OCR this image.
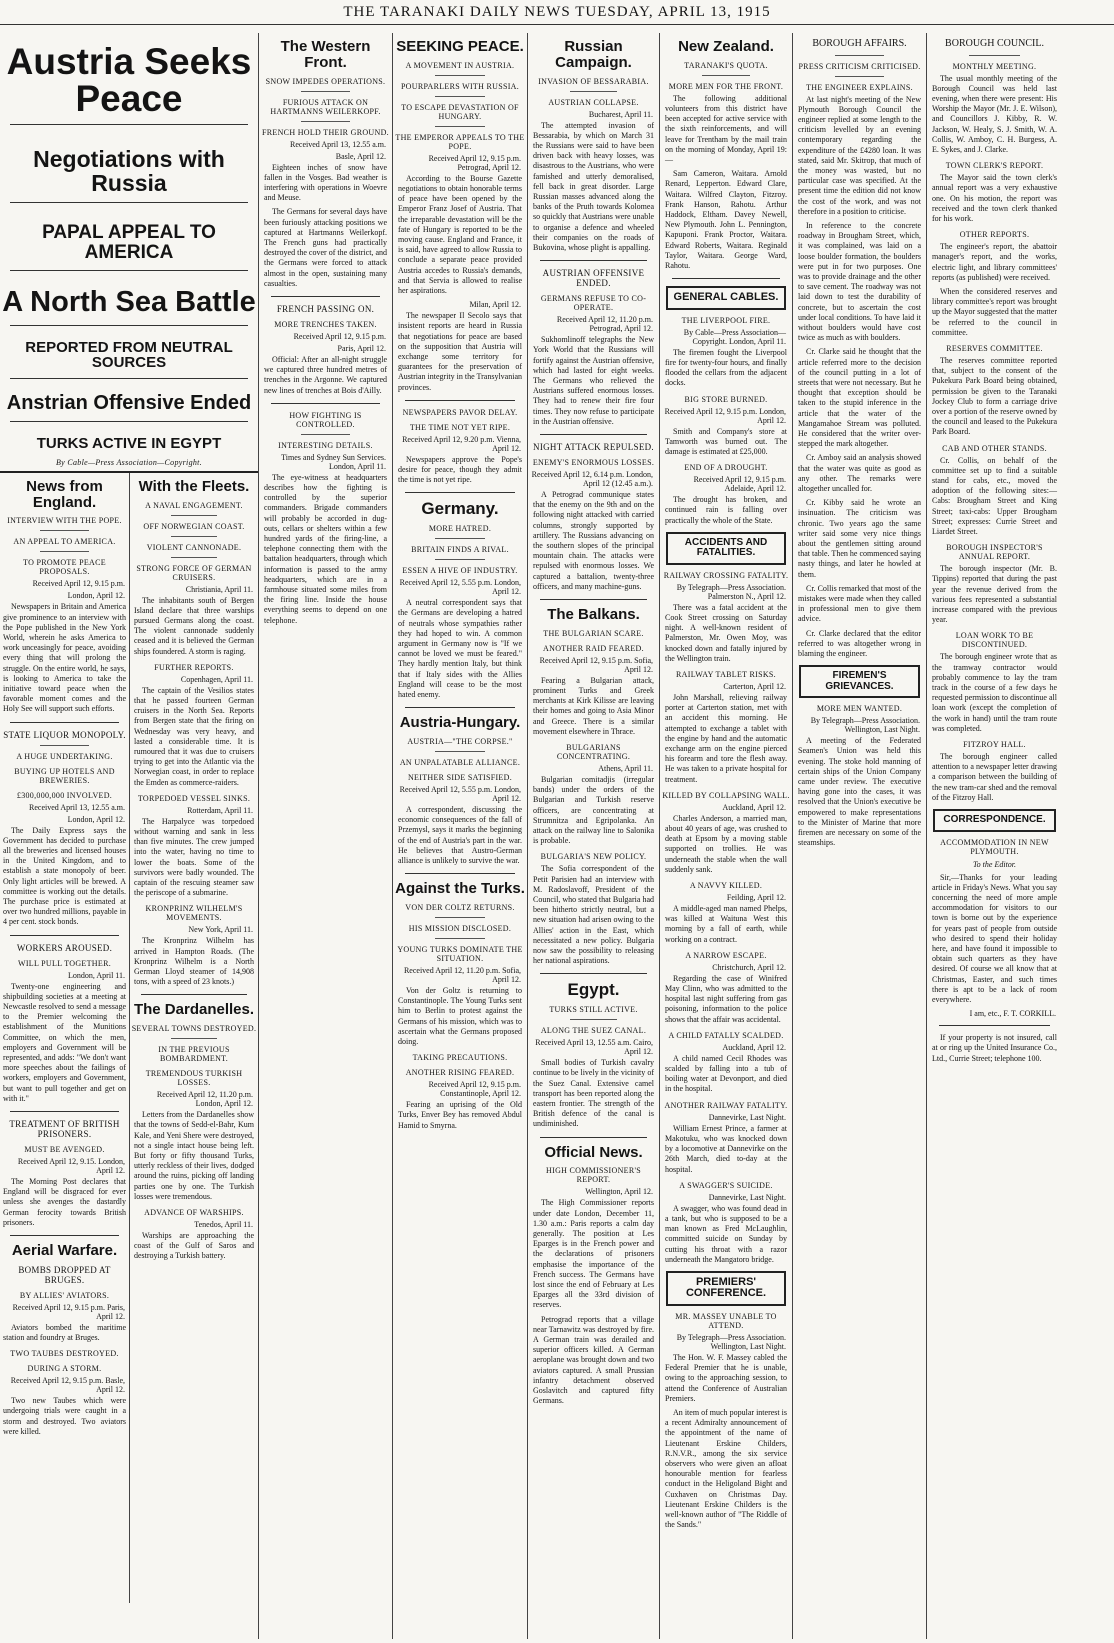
THE TARANAKI DAILY NEWS TUESDAY, APRIL 13, 1915
Austria Seeks Peace
Negotiations with Russia
PAPAL APPEAL TO AMERICA
A North Sea Battle
REPORTED FROM NEUTRAL SOURCES
Anstrian Offensive Ended
TURKS ACTIVE IN EGYPT
By Cable—Press Association—Copyright.
News from England.
INTERVIEW WITH THE POPE.
AN APPEAL TO AMERICA.
TO PROMOTE PEACE PROPOSALS.
Received April 12, 9.15 p.m.
London, April 12.

Newspapers in Britain and America give prominence to an interview with the Pope published in the New York World, wherein he asks America to work unceasingly for peace, avoiding every thing that will prolong the struggle. On the entire world, he says, is looking to America to take the initiative toward peace when the favorable moment comes and the Holy See will support such efforts.

STATE LIQUOR MONOPOLY.
A HUGE UNDERTAKING.
BUYING UP HOTELS AND BREWERIES.
£300,000,000 INVOLVED.
Received April 13, 12.55 a.m.
London, April 12.

The Daily Express says the Government has decided to purchase all the breweries and licensed houses in the United Kingdom, and to establish a state monopoly of beer. Only light articles will be brewed. A committee is working out the details. The purchase price is estimated at over two hundred millions, payable in 4 per cent. stock bonds.

WORKERS AROUSED.
WILL PULL TOGETHER.
London, April 11.

Twenty-one engineering and shipbuilding societies at a meeting at Newcastle resolved to send a message to the Premier welcoming the establishment of the Munitions Committee, on which the men, employers and Government will be represented, and adds: "We don't want more speeches about the failings of workers, employers and Government, but want to pull together and get on with it."

TREATMENT OF BRITISH PRISONERS.
MUST BE AVENGED.
Received April 12, 9.15. London, April 12.

The Morning Post declares that England will be disgraced for ever unless she avenges the dastardly German ferocity towards British prisoners.

Aerial Warfare.
BOMBS DROPPED AT BRUGES.
BY ALLIES' AVIATORS.
Received April 12, 9.15 p.m. Paris, April 12.

Aviators bombed the maritime station and foundry at Bruges.

TWO TAUBES DESTROYED.
DURING A STORM.
Received April 12, 9.15 p.m. Basle, April 12.

Two new Taubes which were undergoing trials were caught in a storm and destroyed. Two aviators were killed.

With the Fleets.
A NAVAL ENGAGEMENT.
OFF NORWEGIAN COAST.
VIOLENT CANNONADE.
STRONG FORCE OF GERMAN CRUISERS.
Christiania, April 11.

The inhabitants south of Bergen Island declare that three warships pursued Germans along the coast. The violent cannonade suddenly ceased and it is believed the German ships foundered. A storm is raging.

FURTHER REPORTS.
Copenhagen, April 11.

The captain of the Vesilios states that he passed fourteen German cruisers in the North Sea. Reports from Bergen state that the firing on Wednesday was very heavy, and lasted a considerable time. It is rumoured that it was due to cruisers trying to get into the Atlantic via the Norwegian coast, in order to replace the Emden as commerce-raiders.

TORPEDOED VESSEL SINKS.
Rotterdam, April 11.

The Harpalyce was torpedoed without warning and sank in less than five minutes. The crew jumped into the water, having no time to lower the boats. Some of the survivors were badly wounded. The captain of the rescuing steamer saw the periscope of a submarine.

KRONPRINZ WILHELM'S MOVEMENTS.
New York, April 11.

The Kronprinz Wilhelm has arrived in Hampton Roads. (The Kronprinz Wilhelm is a North German Lloyd steamer of 14,908 tons, with a speed of 23 knots.)

The Dardanelles.
SEVERAL TOWNS DESTROYED.
IN THE PREVIOUS BOMBARDMENT.
TREMENDOUS TURKISH LOSSES.
Received April 12, 11.20 p.m. London, April 12.

Letters from the Dardanelles show that the towns of Sedd-el-Bahr, Kum Kale, and Yeni Shere were destroyed, not a single intact house being left. But forty or fifty thousand Turks, utterly reckless of their lives, dodged around the ruins, picking off landing parties one by one. The Turkish losses were tremendous.

ADVANCE OF WARSHIPS.
Tenedos, April 11.

Warships are approaching the coast of the Gulf of Saros and destroying a Turkish battery.

The Western Front.
SNOW IMPEDES OPERATIONS.
FURIOUS ATTACK ON HARTMANNS WEILERKOPF.
FRENCH HOLD THEIR GROUND.
Received April 13, 12.55 a.m.
Basle, April 12.

Eighteen inches of snow have fallen in the Vosges. Bad weather is interfering with operations in Woevre and Meuse.

The Germans for several days have been furiously attacking positions we captured at Hartmanns Weilerkopf. The French guns had practically destroyed the cover of the district, and the Germans were forced to attack almost in the open, sustaining many casualties.

FRENCH PASSING ON.
MORE TRENCHES TAKEN.
Received April 12, 9.15 p.m.
Paris, April 12.

Official: After an all-night struggle we captured three hundred metres of trenches in the Argonne. We captured new lines of trenches at Bois d'Ailly.

HOW FIGHTING IS CONTROLLED.
INTERESTING DETAILS.
Times and Sydney Sun Services. London, April 11.

The eye-witness at headquarters describes how the fighting is controlled by the superior commanders. Brigade commanders will probably be accorded in dug-outs, cellars or shelters within a few hundred yards of the firing-line, a telephone connecting them with the battalion headquarters, through which information is passed to the army headquarters, which are in a farmhouse situated some miles from the firing line. Inside the house everything seems to depend on one telephone.

SEEKING PEACE.
A MOVEMENT IN AUSTRIA.
POURPARLERS WITH RUSSIA.
TO ESCAPE DEVASTATION OF HUNGARY.
THE EMPEROR APPEALS TO THE POPE.
Received April 12, 9.15 p.m. Petrograd, April 12.

According to the Bourse Gazette negotiations to obtain honorable terms of peace have been opened by the Emperor Franz Josef of Austria. That the irreparable devastation will be the fate of Hungary is reported to be the moving cause. England and France, it is said, have agreed to allow Russia to conclude a separate peace provided Austria accedes to Russia's demands, and that Servia is allowed to realise her aspirations.

Milan, April 12.

The newspaper Il Secolo says that insistent reports are heard in Russia that negotiations for peace are based on the supposition that Austria will exchange some territory for guarantees for the preservation of Austrian integrity in the Transylvanian provinces.

NEWSPAPERS PAVOR DELAY.
THE TIME NOT YET RIPE.
Received April 12, 9.20 p.m. Vienna, April 12.

Newspapers approve the Pope's desire for peace, though they admit the time is not yet ripe.

Germany.
MORE HATRED.
BRITAIN FINDS A RIVAL.
ESSEN A HIVE OF INDUSTRY.
Received April 12, 5.55 p.m. London, April 12.

A neutral correspondent says that the Germans are developing a hatred of neutrals whose sympathies rather they had hoped to win. A common argument in Germany now is "If we cannot be loved we must be feared." They hardly mention Italy, but think that if Italy sides with the Allies England will cease to be the most hated enemy.

Austria-Hungary.
AUSTRIA—"THE CORPSE."
AN UNPALATABLE ALLIANCE.
NEITHER SIDE SATISFIED.
Received April 12, 5.55 p.m. London, April 12.

A correspondent, discussing the economic consequences of the fall of Przemysl, says it marks the beginning of the end of Austria's part in the war. He believes that Austro-German alliance is unlikely to survive the war.

Against the Turks.
VON DER COLTZ RETURNS.
HIS MISSION DISCLOSED.
YOUNG TURKS DOMINATE THE SITUATION.
Received April 12, 11.20 p.m. Sofia, April 12.

Von der Goltz is returning to Constantinople. The Young Turks sent him to Berlin to protest against the Germans of his mission, which was to ascertain what the Germans proposed doing.

TAKING PRECAUTIONS.
ANOTHER RISING FEARED.
Received April 12, 9.15 p.m. Constantinople, April 12.

Fearing an uprising of the Old Turks, Enver Bey has removed Abdul Hamid to Smyrna.

Russian Campaign.
INVASION OF BESSARABIA.
AUSTRIAN COLLAPSE.
Bucharest, April 11.

The attempted invasion of Bessarabia, by which on March 31 the Russians were said to have been driven back with heavy losses, was disastrous to the Austrians, who were famished and utterly demoralised, fell back in great disorder. Large Russian masses advanced along the banks of the Pruth towards Kolomea so quickly that Austrians were unable to organise a defence and wheeled their companies on the roads of Bukovina, whose plight is appalling.

AUSTRIAN OFFENSIVE ENDED.
GERMANS REFUSE TO CO-OPERATE.
Received April 12, 11.20 p.m. Petrograd, April 12.

Sukhomlinoff telegraphs the New York World that the Russians will fortify against the Austrian offensive, which had lasted for eight weeks. The Germans who relieved the Austrians suffered enormous losses. They had to renew their fire four times. They now refuse to participate in the Austrian offensive.

NIGHT ATTACK REPULSED.
ENEMY'S ENORMOUS LOSSES.
Received April 12, 6.14 p.m. London, April 12 (12.45 a.m.).

A Petrograd communique states that the enemy on the 9th and on the following night attacked with carried columns, strongly supported by artillery. The Russians advancing on the southern slopes of the principal mountain chain. The attacks were repulsed with enormous losses. We captured a battalion, twenty-three officers, and many machine-guns.

The Balkans.
THE BULGARIAN SCARE.
ANOTHER RAID FEARED.
Received April 12, 9.15 p.m. Sofia, April 12.

Fearing a Bulgarian attack, prominent Turks and Greek merchants at Kirk Kilisse are leaving their homes and going to Asia Minor and Greece. There is a similar movement elsewhere in Thrace.

BULGARIANS CONCENTRATING.
Athens, April 11.

Bulgarian comitadjis (irregular bands) under the orders of the Bulgarian and Turkish reserve officers, are concentrating at Strumnitza and Egripolanka. An attack on the railway line to Salonika is probable.

BULGARIA'S NEW POLICY.

The Sofia correspondent of the Petit Parisien had an interview with M. Radoslavoff, President of the Council, who stated that Bulgaria had been hitherto strictly neutral, but a new situation had arisen owing to the Allies' action in the East, which necessitated a new policy. Bulgaria now saw the possibility to releasing her national aspirations.

Egypt.
TURKS STILL ACTIVE.
ALONG THE SUEZ CANAL.
Received April 13, 12.55 a.m. Cairo, April 12.

Small bodies of Turkish cavalry continue to be lively in the vicinity of the Suez Canal. Extensive camel transport has been reported along the eastern frontier. The strength of the British defence of the canal is undiminished.

Official News.
HIGH COMMISSIONER'S REPORT.
Wellington, April 12.

The High Commissioner reports under date London, December 11, 1.30 a.m.: Paris reports a calm day generally. The position at Les Eparges is in the French power and the declarations of prisoners emphasise the importance of the French success. The Germans have lost since the end of February at Les Eparges all the 33rd division of reserves.

Petrograd reports that a village near Tarnawitz was destroyed by fire. A German train was derailed and superior officers killed. A German aeroplane was brought down and two aviators captured. A small Prussian infantry detachment observed Goslavitch and captured fifty Germans.

New Zealand.
TARANAKI'S QUOTA.
MORE MEN FOR THE FRONT.

The following additional volunteers from this district have been accepted for active service with the sixth reinforcements, and will leave for Trentham by the mail train on the morning of Monday, April 19:—

Sam Cameron, Waitara. Arnold Renard, Lepperton. Edward Clare, Waitara. Wilfred Clayton, Fitzroy. Frank Hanson, Rahotu. Arthur Haddock, Eltham. Davey Newell, New Plymouth. John L. Pennington, Kapuponi. Frank Proctor, Waitara. Edward Roberts, Waitara. Reginald Taylor, Waitara. George Ward, Rahotu.

GENERAL CABLES.
THE LIVERPOOL FIRE.
By Cable—Press Association—Copyright. London, April 11.

The firemen fought the Liverpool fire for twenty-four hours, and finally flooded the cellars from the adjacent docks.

BIG STORE BURNED.
Received April 12, 9.15 p.m. London, April 12.

Smith and Company's store at Tamworth was burned out. The damage is estimated at £25,000.

END OF A DROUGHT.
Received April 12, 9.15 p.m. Adelaide, April 12.

The drought has broken, and continued rain is falling over practically the whole of the State.

ACCIDENTS AND FATALITIES.
RAILWAY CROSSING FATALITY.
By Telegraph—Press Association. Palmerston N., April 12.

There was a fatal accident at the Cook Street crossing on Saturday night. A well-known resident of Palmerston, Mr. Owen Moy, was knocked down and fatally injured by the Wellington train.

RAILWAY TABLET RISKS.
Carterton, April 12.

John Marshall, relieving railway porter at Carterton station, met with an accident this morning. He attempted to exchange a tablet with the engine by hand and the automatic exchange arm on the engine pierced his forearm and tore the flesh away. He was taken to a private hospital for treatment.

KILLED BY COLLAPSING WALL.
Auckland, April 12.

Charles Anderson, a married man, about 40 years of age, was crushed to death at Epsom by a moving stable supported on trollies. He was underneath the stable when the wall suddenly sank.

A NAVVY KILLED.
Feilding, April 12.

A middle-aged man named Phelps, was killed at Waituna West this morning by a fall of earth, while working on a contract.

A NARROW ESCAPE.
Christchurch, April 12.

Regarding the case of Winifred May Clinn, who was admitted to the hospital last night suffering from gas poisoning, information to the police shows that the affair was accidental.

A CHILD FATALLY SCALDED.
Auckland, April 12.

A child named Cecil Rhodes was scalded by falling into a tub of boiling water at Devonport, and died in the hospital.

ANOTHER RAILWAY FATALITY.
Dannevirke, Last Night.

William Ernest Prince, a farmer at Makotuku, who was knocked down by a locomotive at Dannevirke on the 26th March, died to-day at the hospital.

A SWAGGER'S SUICIDE.
Dannevirke, Last Night.

A swagger, who was found dead in a tank, but who is supposed to be a man known as Fred McLaughlin, committed suicide on Sunday by cutting his throat with a razor underneath the Mangatoro bridge.

PREMIERS' CONFERENCE.
MR. MASSEY UNABLE TO ATTEND.
By Telegraph—Press Association. Wellington, Last Night.

The Hon. W. F. Massey cabled the Federal Premier that he is unable, owing to the approaching session, to attend the Conference of Australian Premiers.

An item of much popular interest is a recent Admiralty announcement of the appointment of the name of Lieutenant Erskine Childers, R.N.V.R., among the six service observers who were given an afloat honourable mention for fearless conduct in the Heligoland Bight and Cuxhaven on Christmas Day. Lieutenant Erskine Childers is the well-known author of "The Riddle of the Sands."

BOROUGH AFFAIRS.
PRESS CRITICISM CRITICISED.
THE ENGINEER EXPLAINS.

At last night's meeting of the New Plymouth Borough Council the engineer replied at some length to the criticism levelled by an evening contemporary regarding the expenditure of the £4280 loan. It was stated, said Mr. Skitrop, that much of the money was wasted, but no particular case was specified. At the present time the edition did not know the cost of the work, and was not therefore in a position to criticise.

In reference to the concrete roadway in Brougham Street, which, it was complained, was laid on a loose boulder formation, the boulders were put in for two purposes. One was to provide drainage and the other to save cement. The roadway was not laid down to test the durability of concrete, but to ascertain the cost under local conditions. To have laid it without boulders would have cost twice as much as with boulders.

Cr. Clarke said he thought that the article referred more to the decision of the council putting in a lot of streets that were not necessary. But he thought that exception should be taken to the stupid inference in the article that the water of the Mangamahoe Stream was polluted. He considered that the writer over-stepped the mark altogether.

Cr. Amboy said an analysis showed that the water was quite as good as any other. The remarks were altogether uncalled for.

Cr. Kibby said he wrote an insinuation. The criticism was chronic. Two years ago the same writer said some very nice things about the gentlemen sitting around that table. Then he commenced saying nasty things, and later he howled at them.

Cr. Collis remarked that most of the mistakes were made when they called in professional men to give them advice.

Cr. Clarke declared that the editor referred to was altogether wrong in blaming the engineer.

FIREMEN'S GRIEVANCES.
MORE MEN WANTED.
By Telegraph—Press Association. Wellington, Last Night.

A meeting of the Federated Seamen's Union was held this evening. The stoke hold manning of certain ships of the Union Company came under review. The executive having gone into the cases, it was resolved that the Union's executive be empowered to make representations to the Minister of Marine that more firemen are necessary on some of the steamships.

BOROUGH COUNCIL.
MONTHLY MEETING.

The usual monthly meeting of the Borough Council was held last evening, when there were present: His Worship the Mayor (Mr. J. E. Wilson), and Councillors J. Kibby, R. W. Jackson, W. Healy, S. J. Smith, W. A. Collis, W. Amboy, C. H. Burgess, A. E. Sykes, and J. Clarke.

TOWN CLERK'S REPORT.

The Mayor said the town clerk's annual report was a very exhaustive one. On his motion, the report was received and the town clerk thanked for his work.

OTHER REPORTS.

The engineer's report, the abattoir manager's report, and the works, electric light, and library committees' reports (as published) were received.

When the considered reserves and library committee's report was brought up the Mayor suggested that the matter be referred to the council in committee.

RESERVES COMMITTEE.

The reserves committee reported that, subject to the consent of the Pukekura Park Board being obtained, permission be given to the Taranaki Jockey Club to form a carriage drive over a portion of the reserve owned by the council and leased to the Pukekura Park Board.

CAB AND OTHER STANDS.

Cr. Collis, on behalf of the committee set up to find a suitable stand for cabs, etc., moved the adoption of the following sites:—Cabs: Brougham Street and King Street; taxi-cabs: Upper Brougham Street; expresses: Currie Street and Liardet Street.

BOROUGH INSPECTOR'S ANNUAL REPORT.

The borough inspector (Mr. B. Tippins) reported that during the past year the revenue derived from the various fees represented a substantial increase compared with the previous year.

LOAN WORK TO BE DISCONTINUED.

The borough engineer wrote that as the tramway contractor would probably commence to lay the tram track in the course of a few days he requested permission to discontinue all loan work (except the completion of the work in hand) until the tram route was completed.

FITZROY HALL.

The borough engineer called attention to a newspaper letter drawing a comparison between the building of the new tram-car shed and the removal of the Fitzroy Hall.

CORRESPONDENCE.
ACCOMMODATION IN NEW PLYMOUTH.
To the Editor.

Sir,—Thanks for your leading article in Friday's News. What you say concerning the need of more ample accommodation for visitors to our town is borne out by the experience for years past of people from outside who desired to spend their holiday here, and have found it impossible to obtain such quarters as they have desired. Of course we all know that at Christmas, Easter, and such times there is apt to be a lack of room everywhere.

I am, etc., F. T. CORKILL.

If your property is not insured, call at or ring up the United Insurance Co., Ltd., Currie Street; telephone 100.
